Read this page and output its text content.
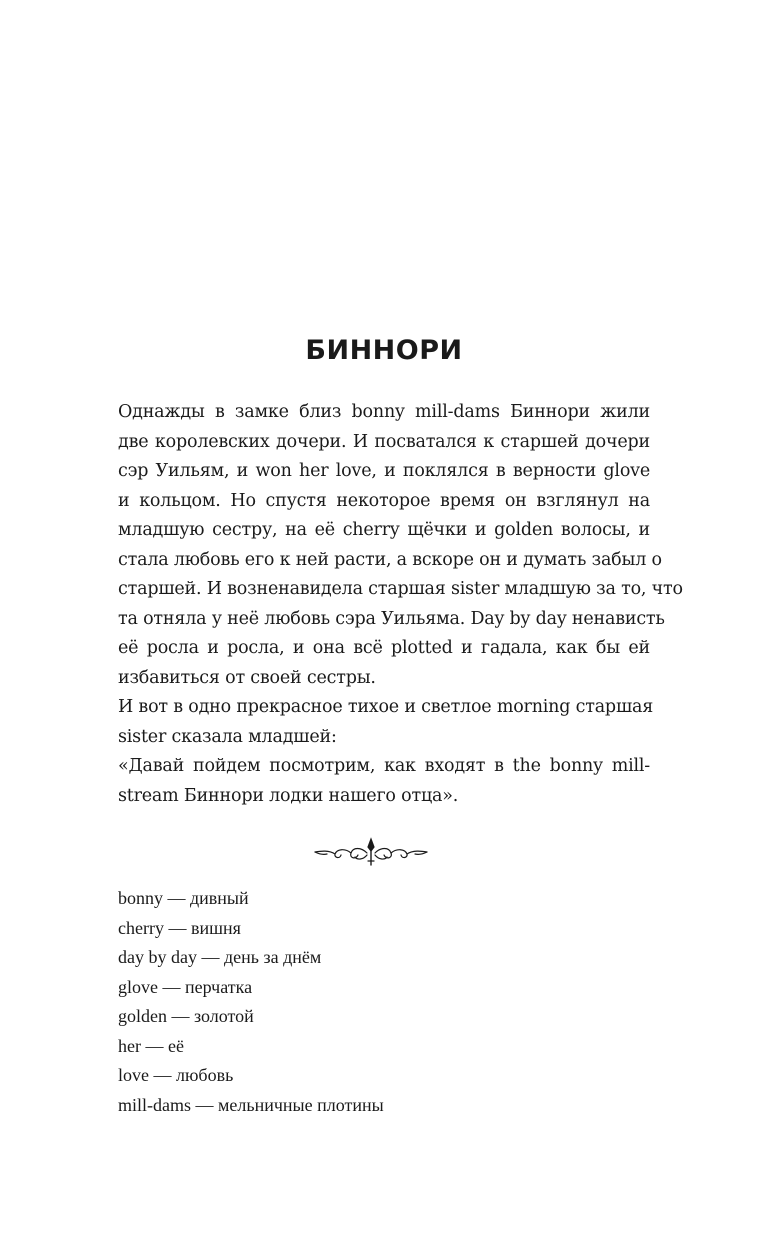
БИННОРИ

Однажды в замке близ bonny mill-dams Биннори жили
две королевских дочери. И посватался к старшей дочери
сэр Уильям, и won her love, и поклялся в верности glove
и кольцом. Но спустя некоторое время он взглянул на
младшую сестру, на её cherry щёчки и golden волосы, и
стала любовь его к ней расти, а вскоре он и думать забыл о
старшей. И возненавидела старшая sister младшую за то, что
та отняла у неё любовь сэра Уильяма. Day by day ненависть
её росла и росла, и она всё plotted и гадала, как бы ей
избавиться от своей сестры.

И вот в одно прекрасное тихое и светлое morning старшая
sister сказала младшей:

«Давай пойдем посмотрим, как входят в the bonny mill-
stream Биннори лодки нашего отца».

bonny — дивный
cherry — вишня
day by day — день за днём
glove — перчатка
golden — золотой
her — её
love — любовь
mill-dams — мельничные плотины
